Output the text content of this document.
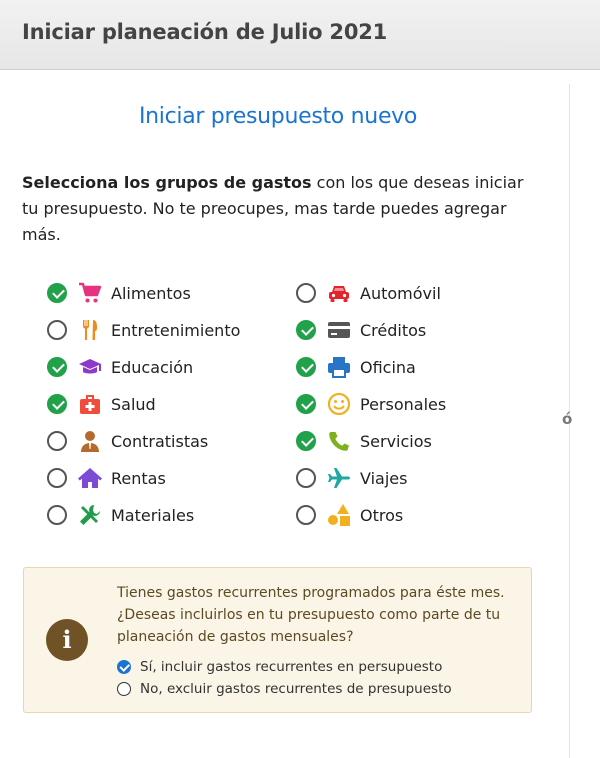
Iniciar planeación de Julio 2021
ó
Iniciar presupuesto nuevo
Selecciona los grupos de gastos con los que deseas iniciar tu presupuesto. No te preocupes, mas tarde puedes agregar más.
Alimentos
Entretenimiento
Educación
Salud
Contratistas
Rentas
Materiales
Automóvil
Créditos
Oficina
Personales
Servicios
Viajes
Otros
i
Tienes gastos recurrentes programados para éste mes. ¿Deseas incluirlos en tu presupuesto como parte de tu planeación de gastos mensuales?
Sí, incluir gastos recurrentes en persupuesto
No, excluir gastos recurrentes de presupuesto
